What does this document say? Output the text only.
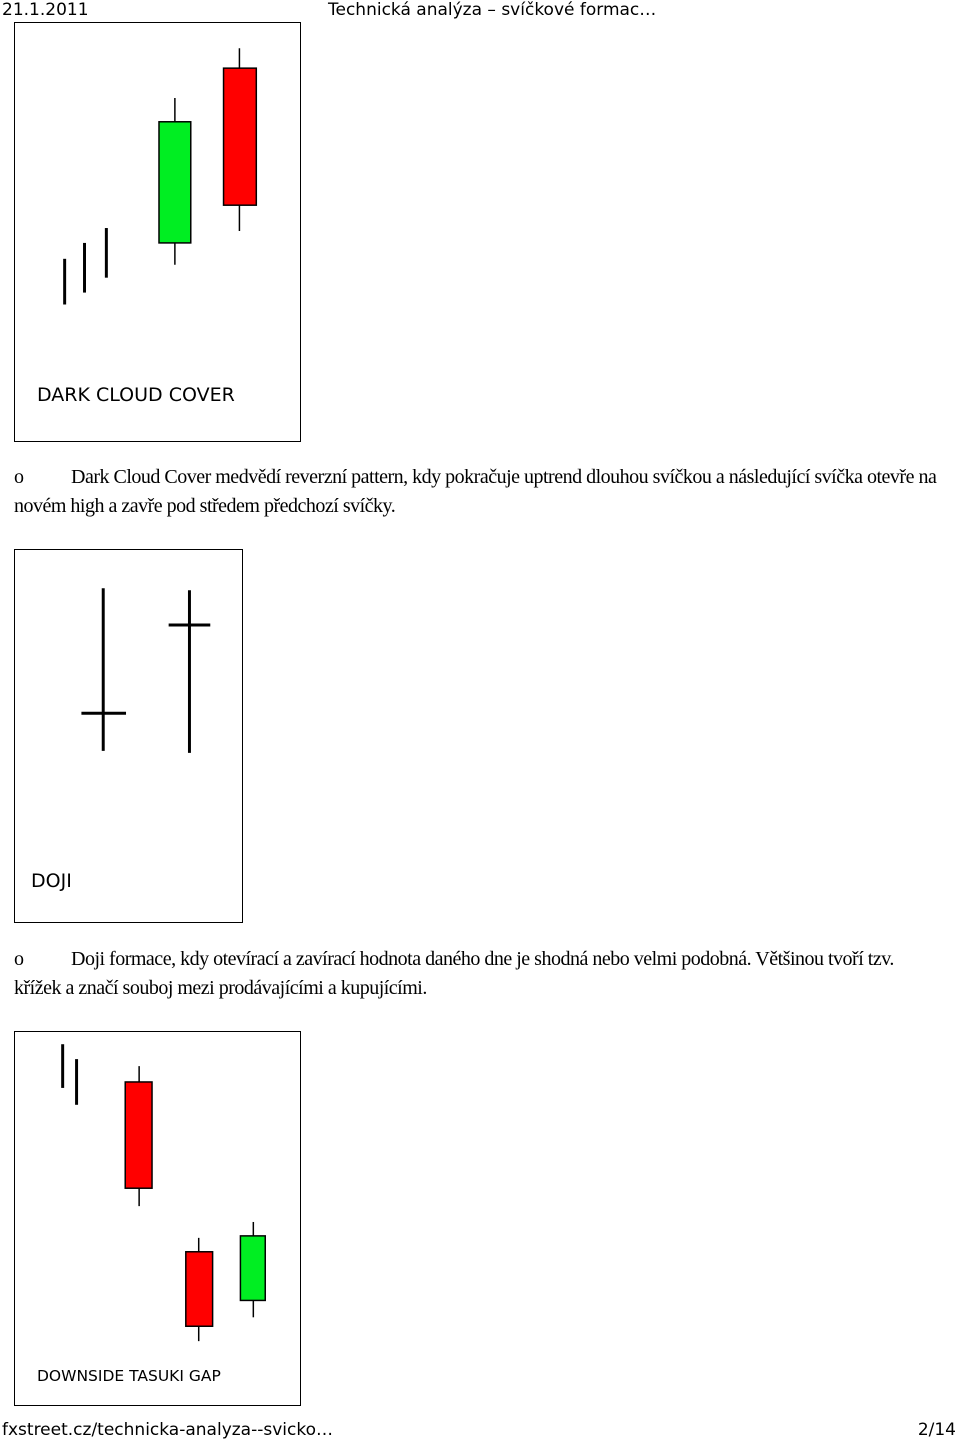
21.1.2011	Technická analýza – svíčkové formac…
DARK CLOUD COVER
o Dark Cloud Cover medvědí reverzní pattern, kdy pokračuje uptrend dlouhou svíčkou a následující svíčka otevře na novém high a zavře pod středem předchozí svíčky.
DOJI
o Doji formace, kdy otevírací a zavírací hodnota daného dne je shodná nebo velmi podobná. Většinou tvoří tzv. křížek a značí souboj mezi prodávajícími a kupujícími.
DOWNSIDE TASUKI GAP
fxstreet.cz/technicka-analyza--svicko…	2/14
